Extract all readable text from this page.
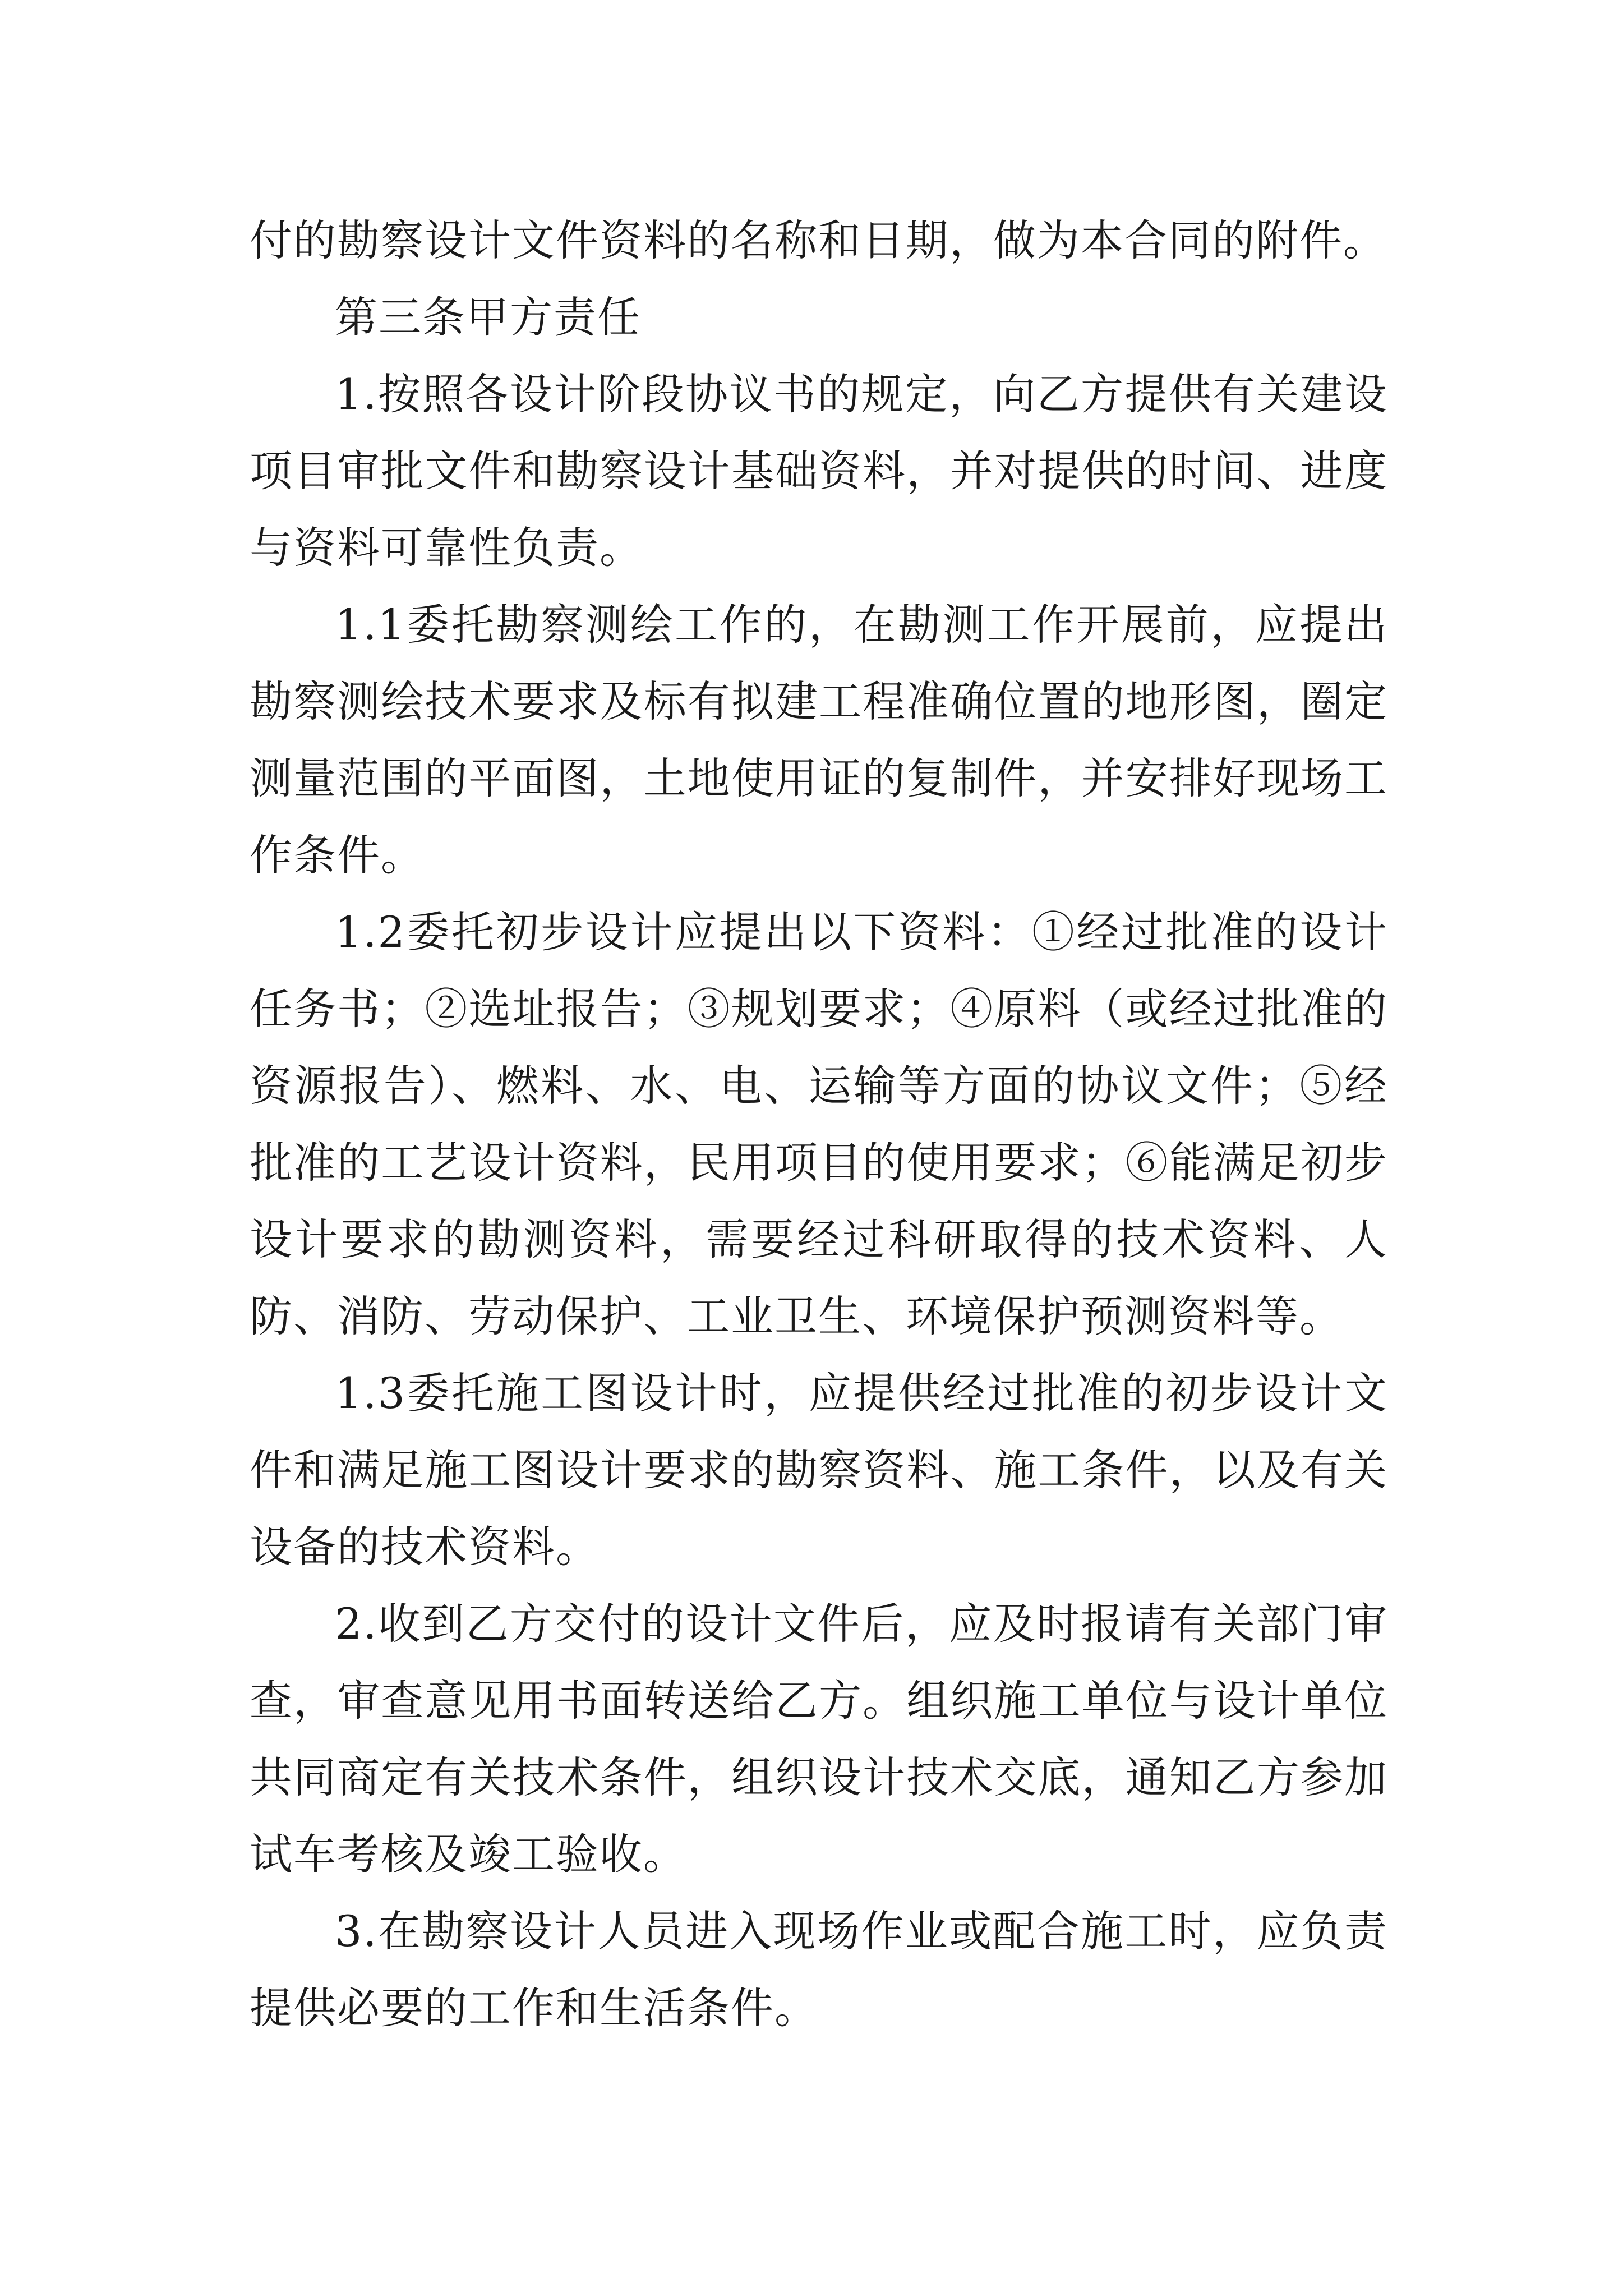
付的勘察设计文件资料的名称和日期，做为本合同的附件。

第三条甲方责任

1.按照各设计阶段协议书的规定，向乙方提供有关建设项目审批文件和勘察设计基础资料，并对提供的时间、进度与资料可靠性负责。

1.1委托勘察测绘工作的，在勘测工作开展前，应提出勘察测绘技术要求及标有拟建工程准确位置的地形图，圈定测量范围的平面图，土地使用证的复制件，并安排好现场工作条件。

1.2委托初步设计应提出以下资料：①经过批准的设计任务书；②选址报告；③规划要求；④原料（或经过批准的资源报告）、燃料、水、电、运输等方面的协议文件；⑤经批准的工艺设计资料，民用项目的使用要求；⑥能满足初步设计要求的勘测资料，需要经过科研取得的技术资料、人防、消防、劳动保护、工业卫生、环境保护预测资料等。

1.3委托施工图设计时，应提供经过批准的初步设计文件和满足施工图设计要求的勘察资料、施工条件，以及有关设备的技术资料。

2.收到乙方交付的设计文件后，应及时报请有关部门审查，审查意见用书面转送给乙方。组织施工单位与设计单位共同商定有关技术条件，组织设计技术交底，通知乙方参加试车考核及竣工验收。

3.在勘察设计人员进入现场作业或配合施工时，应负责提供必要的工作和生活条件。
